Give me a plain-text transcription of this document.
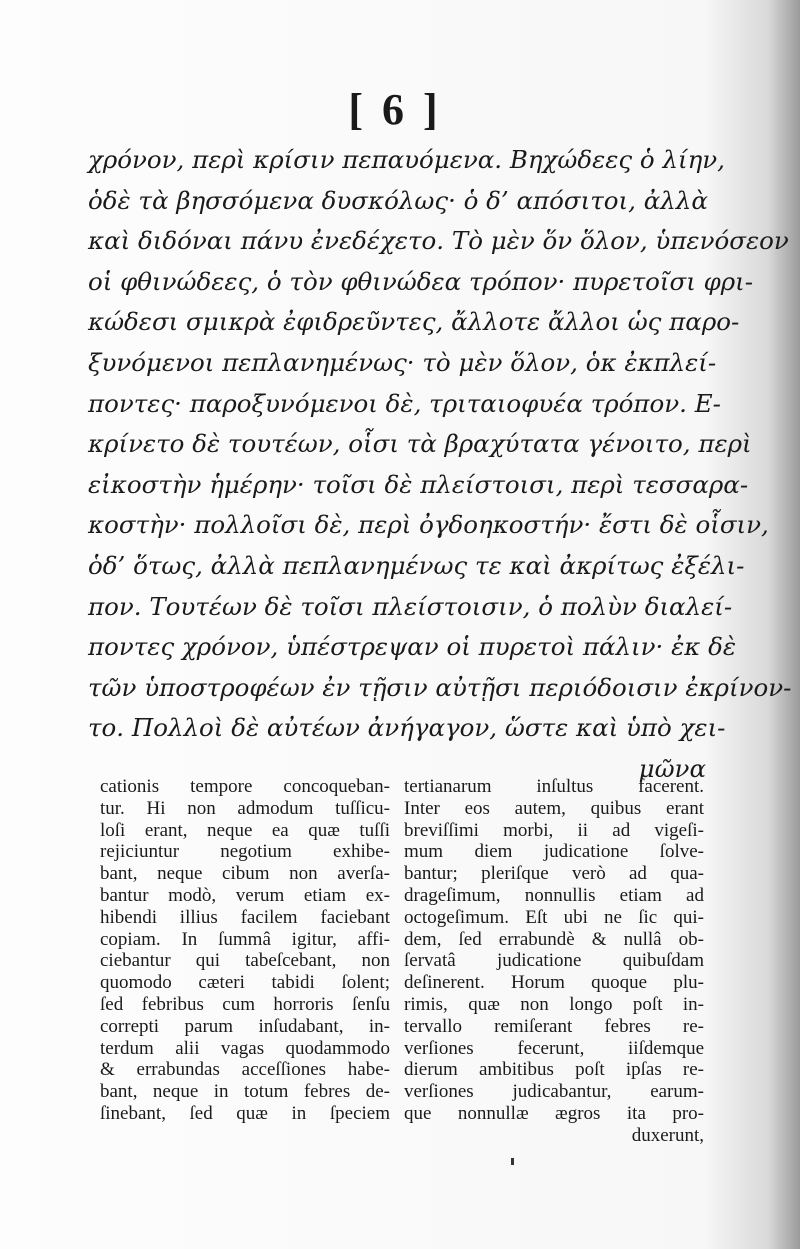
[ 6 ]
χρόνον, περὶ κρίσιν πεπαυόμενα. Βηχώδεες ὁ λίην,
ὁδὲ τὰ βησσόμενα δυσκόλως· ὁ δ’ απόσιτοι, ἀλλὰ
καὶ διδόναι πάνυ ἐνεδέχετο. Τὸ μὲν ὅν ὅλον, ὑπενόσεον
οἱ φθινώδεες, ὁ τὸν φθινώδεα τρόπον· πυρετοῖσι φρι-
κώδεσι σμικρὰ ἐφιδρεῦντες, ἄλλοτε ἄλλοι ὡς παρο-
ξυνόμενοι πεπλανημένως· τὸ μὲν ὅλον, ὁκ ἐκπλεί-
ποντες· παροξυνόμενοι δὲ, τριταιοφυέα τρόπον. Ε-
κρίνετο δὲ τουτέων, οἷσι τὰ βραχύτατα γένοιτο, περὶ
εἰκοστὴν ἡμέρην· τοῖσι δὲ πλείστοισι, περὶ τεσσαρα-
κοστὴν· πολλοῖσι δὲ, περὶ ὀγδοηκοστήν· ἔστι δὲ οἷσιν,
ὁδ’ ὅτως, ἀλλὰ πεπλανημένως τε καὶ ἀκρίτως ἐξέλι-
πον. Τουτέων δὲ τοῖσι πλείστοισιν, ὁ πολὺν διαλεί-
ποντες χρόνον, ὑπέστρεψαν οἱ πυρετοὶ πάλιν· ἐκ δὲ
τῶν ὑποστροφέων ἐν τῇσιν αὐτῇσι περιόδοισιν ἐκρίνον-
το. Πολλοὶ δὲ αὐτέων ἀνήγαγον, ὥστε καὶ ὑπὸ χει-
μῶνα
cationis tempore concoqueban-
tur. Hi non admodum tuſſicu-
loſi erant, neque ea quæ tuſſi
rejiciuntur negotium exhibe-
bant, neque cibum non averſa-
bantur modò, verum etiam ex-
hibendi illius facilem faciebant
copiam. In ſummâ igitur, affi-
ciebantur qui tabeſcebant, non
quomodo cæteri tabidi ſolent;
ſed febribus cum horroris ſenſu
correpti parum inſudabant, in-
terdum alii vagas quodammodo
& errabundas acceſſiones habe-
bant, neque in totum febres de-
ſinebant, ſed quæ in ſpeciem
tertianarum inſultus facerent.
Inter eos autem, quibus erant
breviſſimi morbi, ii ad vigeſi-
mum diem judicatione ſolve-
bantur; pleriſque verò ad qua-
drageſimum, nonnullis etiam ad
octogeſimum. Eſt ubi ne ſic qui-
dem, ſed errabundè & nullâ ob-
ſervatâ judicatione quibuſdam
deſinerent. Horum quoque plu-
rimis, quæ non longo poſt in-
tervallo remiſerant febres re-
verſiones fecerunt, iiſdemque
dierum ambitibus poſt ipſas re-
verſiones judicabantur, earum-
que nonnullæ ægros ita pro-
duxerunt,
